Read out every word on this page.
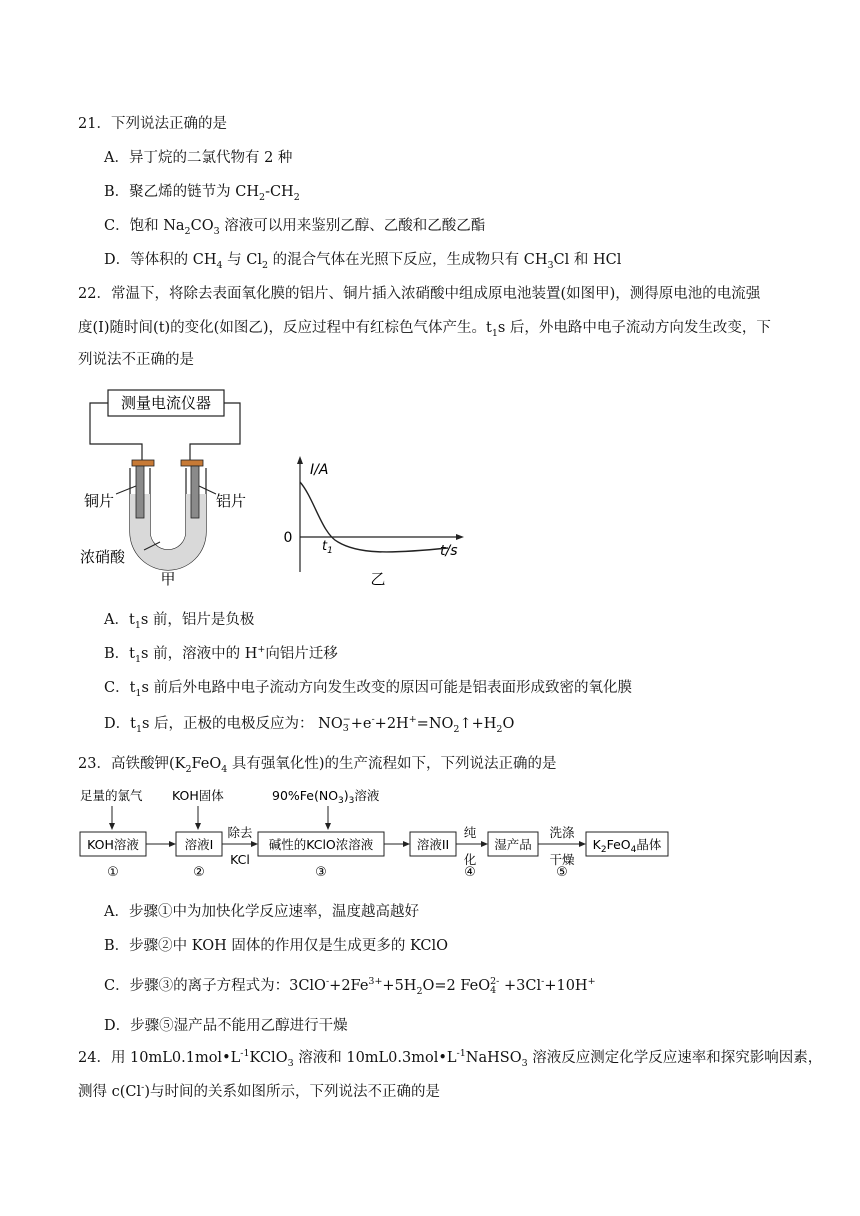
21．下列说法正确的是
A．异丁烷的二氯代物有 2 种
B．聚乙烯的链节为 $CH_2-CH_2$
C．饱和 $Na_2CO_3$ 溶液可以用来鉴别乙醇、乙酸和乙酸乙酯
D．等体积的 $CH_4$ 与 $Cl_2$ 的混合气体在光照下反应，生成物只有 $CH_3Cl$ 和 HCl
22．常温下，将除去表面氧化膜的铝片、铜片插入浓硝酸中组成原电池装置(如图甲)，测得原电池的电流强
度(I)随时间(t)的变化(如图乙)，反应过程中有红棕色气体产生。$t_1s$ 后，外电路中电子流动方向发生改变，下
列说法不正确的是
测量电流仪器
铜片	铝片
浓硝酸
甲
I/A
t/s
0
$t_1$
乙
A．$t_1s$ 前，铝片是负极
B．$t_1s$ 前，溶液中的 H+向铝片迁移
C．$t_1s$ 前后外电路中电子流动方向发生改变的原因可能是铝表面形成致密的氧化膜
D．$t_1s$ 后，正极的电极反应为： NO −
$3 +e^-+2H^+=NO_2↑+H_2O$
23．高铁酸钾($K_2FeO_4$ 具有强氧化性)的生产流程如下，下列说法正确的是
足量的氯气 KOH固体	$90\%Fe(NO_3)_3$溶液
KOH溶液	溶液I
除去
KCl
碱性的KClO浓溶液	溶液II
纯
化
湿产品
洗涤
干燥
$K_2FeO_4$晶体
①	②	③	④	⑤
A．步骤①中为加快化学反应速率，温度越高越好
B．步骤②中 KOH 固体的作用仅是生成更多的 KClO
C．步骤③的离子方程式为：$3ClO^-+2Fe^{3+}+5H_2O=2$ FeO 2-
4 +3Cl-+10H+
D．步骤⑤湿产品不能用乙醇进行干燥
24．用 $10mL0.1mol•L^{-1}KClO_3$ 溶液和 $10mL0.3mol•L^{-1}NaHSO_3$ 溶液反应测定化学反应速率和探究影响因素，
测得 c(Cl-)与时间的关系如图所示，下列说法不正确的是
